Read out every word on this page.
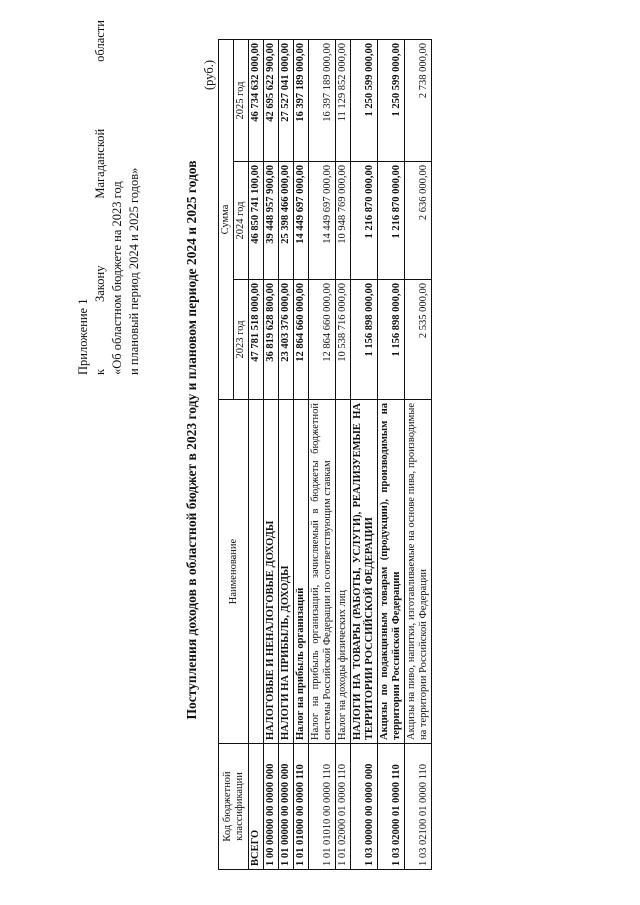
Приложение 1 к
Закону
Магаданской
области
«Об областном бюджете на 2023 год и плановый период 2024 и 2025 годов»	Поступления доходов в областной бюджет в 2023 году и плановом периоде 2024 и 2025 годов
(руб.)
Код бюджетной классификации	Наименование	Сумма		
		2023 год	2024 год	2025 год
ВСЕГО		47 781 518 000,00	46 850 741 100,00	46 734 632 000,00
1 00 00000 00 0000 000	НАЛОГОВЫЕ И НЕНАЛОГОВЫЕ ДОХОДЫ	36 819 628 800,00	39 448 957 900,00	42 695 622 900,00
1 01 00000 00 0000 000	НАЛОГИ НА ПРИБЫЛЬ, ДОХОДЫ	23 403 376 000,00	25 398 466 000,00	27 527 041 000,00
1 01 01000 00 0000 110	Налог на прибыль организаций	12 864 660 000,00	14 449 697 000,00	16 397 189 000,00
1 01 01010 00 0000 110	Налог на прибыль организаций, зачисляемый в бюджеты бюджетной системы Российской Федерации по соответствующим ставкам	12 864 660 000,00	14 449 697 000,00	16 397 189 000,00
1 01 02000 01 0000 110	Налог на доходы физических лиц	10 538 716 000,00	10 948 769 000,00	11 129 852 000,00
1 03 00000 00 0000 000	НАЛОГИ НА ТОВАРЫ (РАБОТЫ, УСЛУГИ), РЕАЛИЗУЕМЫЕ НА ТЕРРИТОРИИ РОССИЙСКОЙ ФЕДЕРАЦИИ	1 156 898 000,00	1 216 870 000,00	1 250 599 000,00
1 03 02000 01 0000 110	Акцизы по подакцизным товарам (продукции), производимым на территории Российской Федерации	1 156 898 000,00	1 216 870 000,00	1 250 599 000,00
1 03 02100 01 0000 110	Акцизы на пиво, напитки, изготавливаемые на основе пива, производимые на территории Российской Федерации	2 535 000,00	2 636 000,00	2 738 000,00
